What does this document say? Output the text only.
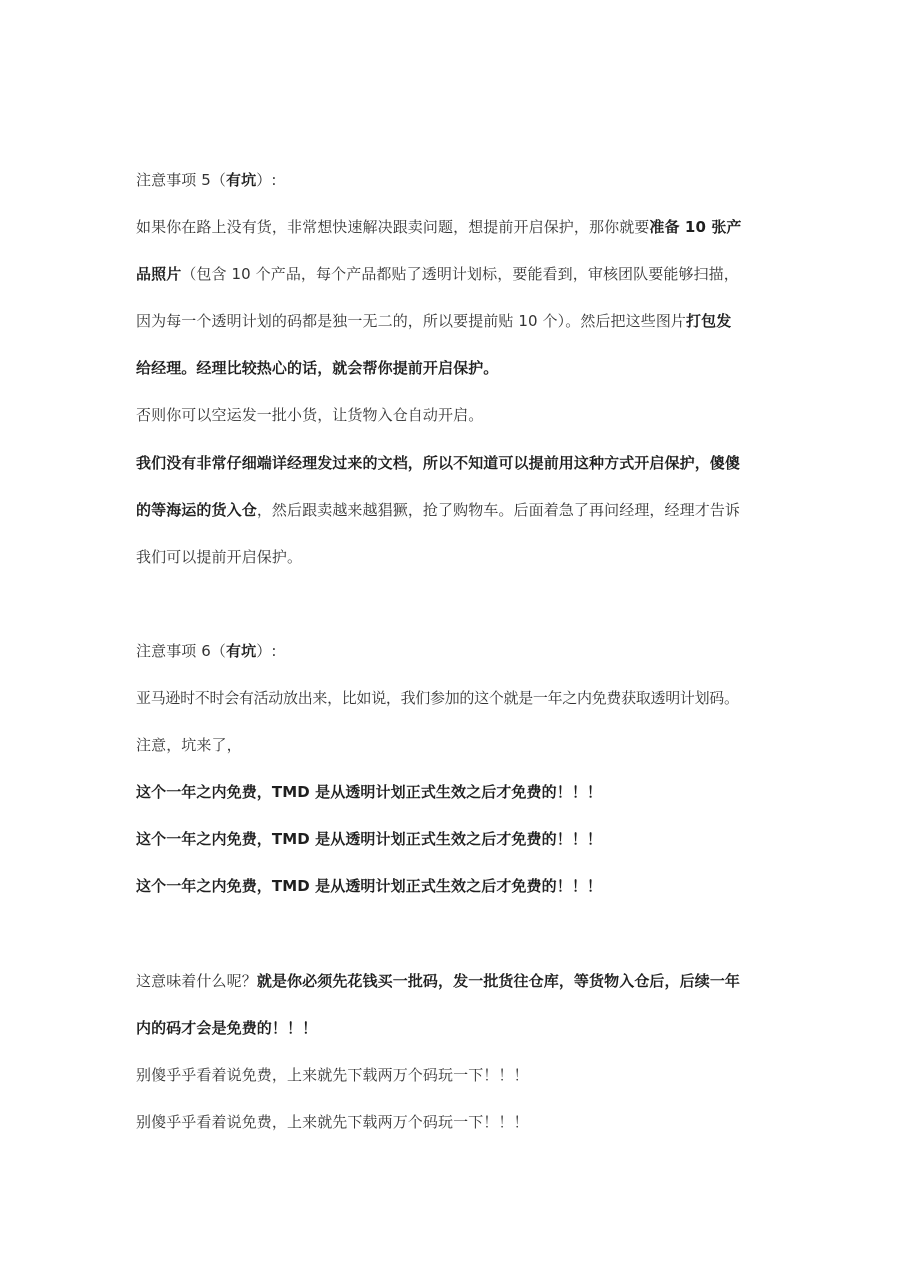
注意事项 5（有坑）:
如果你在路上没有货，非常想快速解决跟卖问题，想提前开启保护，那你就要准备 10 张产
品照片（包含 10 个产品，每个产品都贴了透明计划标，要能看到，审核团队要能够扫描，
因为每一个透明计划的码都是独一无二的，所以要提前贴 10 个）。然后把这些图片打包发
给经理。经理比较热心的话，就会帮你提前开启保护。
否则你可以空运发一批小货，让货物入仓自动开启。
我们没有非常仔细端详经理发过来的文档，所以不知道可以提前用这种方式开启保护，傻傻
的等海运的货入仓，然后跟卖越来越猖獗，抢了购物车。后面着急了再问经理，经理才告诉
我们可以提前开启保护。
注意事项 6（有坑）:
亚马逊时不时会有活动放出来，比如说，我们参加的这个就是一年之内免费获取透明计划码。
注意，坑来了，
这个一年之内免费，TMD 是从透明计划正式生效之后才免费的！！！
这个一年之内免费，TMD 是从透明计划正式生效之后才免费的！！！
这个一年之内免费，TMD 是从透明计划正式生效之后才免费的！！！
这意味着什么呢？就是你必须先花钱买一批码，发一批货往仓库，等货物入仓后，后续一年
内的码才会是免费的！！！
别傻乎乎看着说免费，上来就先下载两万个码玩一下！！！
别傻乎乎看着说免费，上来就先下载两万个码玩一下！！！
